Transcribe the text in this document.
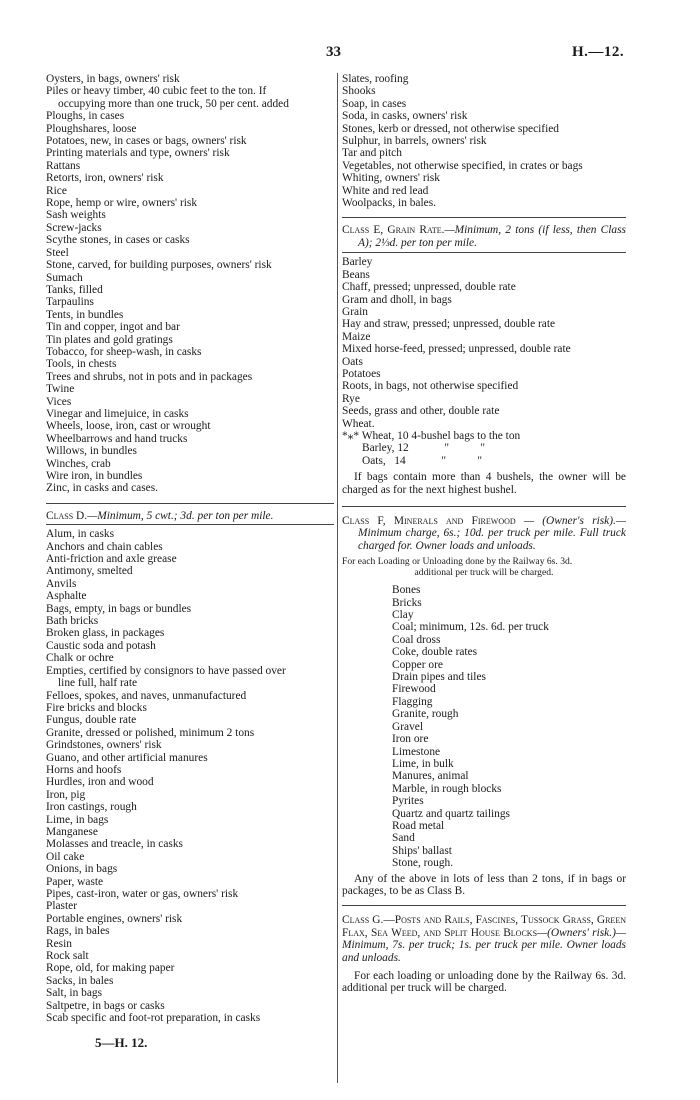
33	H.—12.
Oysters, in bags, owners' risk
Piles or heavy timber, 40 cubic feet to the ton. If
occupying more than one truck, 50 per cent. added
Ploughs, in cases
Ploughshares, loose
Potatoes, new, in cases or bags, owners' risk
Printing materials and type, owners' risk
Rattans
Retorts, iron, owners' risk
Rice
Rope, hemp or wire, owners' risk
Sash weights
Screw-jacks
Scythe stones, in cases or casks
Steel
Stone, carved, for building purposes, owners' risk
Sumach
Tanks, filled
Tarpaulins
Tents, in bundles
Tin and copper, ingot and bar
Tin plates and gold gratings
Tobacco, for sheep-wash, in casks
Tools, in chests
Trees and shrubs, not in pots and in packages
Twine
Vices
Vinegar and limejuice, in casks
Wheels, loose, iron, cast or wrought
Wheelbarrows and hand trucks
Willows, in bundles
Winches, crab
Wire iron, in bundles
Zinc, in casks and cases.
Class D.—Minimum, 5 cwt.; 3d. per ton per mile.
Alum, in casks
Anchors and chain cables
Anti-friction and axle grease
Antimony, smelted
Anvils
Asphalte
Bags, empty, in bags or bundles
Bath bricks
Broken glass, in packages
Caustic soda and potash
Chalk or ochre
Empties, certified by consignors to have passed over
line full, half rate
Felloes, spokes, and naves, unmanufactured
Fire bricks and blocks
Fungus, double rate
Granite, dressed or polished, minimum 2 tons
Grindstones, owners' risk
Guano, and other artificial manures
Horns and hoofs
Hurdles, iron and wood
Iron, pig
Iron castings, rough
Lime, in bags
Manganese
Molasses and treacle, in casks
Oil cake
Onions, in bags
Paper, waste
Pipes, cast-iron, water or gas, owners' risk
Plaster
Portable engines, owners' risk
Rags, in bales
Resin
Rock salt
Rope, old, for making paper
Sacks, in bales
Salt, in bags
Saltpetre, in bags or casks
Scab specific and foot-rot preparation, in casks
5—H. 12.
Slates, roofing
Shooks
Soap, in cases
Soda, in casks, owners' risk
Stones, kerb or dressed, not otherwise specified
Sulphur, in barrels, owners' risk
Tar and pitch
Vegetables, not otherwise specified, in crates or bags
Whiting, owners' risk
White and red lead
Woolpacks, in bales.
Class E, Grain Rate.—Minimum, 2 tons (if less, then Class A); 2⅓d. per ton per mile.
Barley
Beans
Chaff, pressed; unpressed, double rate
Gram and dholl, in bags
Grain
Hay and straw, pressed; unpressed, double rate
Maize
Mixed horse-feed, pressed; unpressed, double rate
Oats
Potatoes
Roots, in bags, not otherwise specified
Rye
Seeds, grass and other, double rate
Wheat.
*⁎* Wheat, 10 4-bushel bags to the ton
Barley, 12	"	"
Oats,   14	"	"
If bags contain more than 4 bushels, the owner will be charged as for the next highest bushel.
Class F, Minerals and Firewood — (Owner's risk).—Minimum charge, 6s.; 10d. per truck per mile. Full truck charged for. Owner loads and unloads.
For each Loading or Unloading done by the Railway 6s. 3d.
additional per truck will be charged.
Bones
Bricks
Clay
Coal; minimum, 12s. 6d. per truck
Coal dross
Coke, double rates
Copper ore
Drain pipes and tiles
Firewood
Flagging
Granite, rough
Gravel
Iron ore
Limestone
Lime, in bulk
Manures, animal
Marble, in rough blocks
Pyrites
Quartz and quartz tailings
Road metal
Sand
Ships' ballast
Stone, rough.
Any of the above in lots of less than 2 tons, if in bags or packages, to be as Class B.
Class G.—Posts and Rails, Fascines, Tussock Grass, Green Flax, Sea Weed, and Split House Blocks—(Owners' risk.)—Minimum, 7s. per truck; 1s. per truck per mile. Owner loads and unloads.
For each loading or unloading done by the Railway 6s. 3d. additional per truck will be charged.
